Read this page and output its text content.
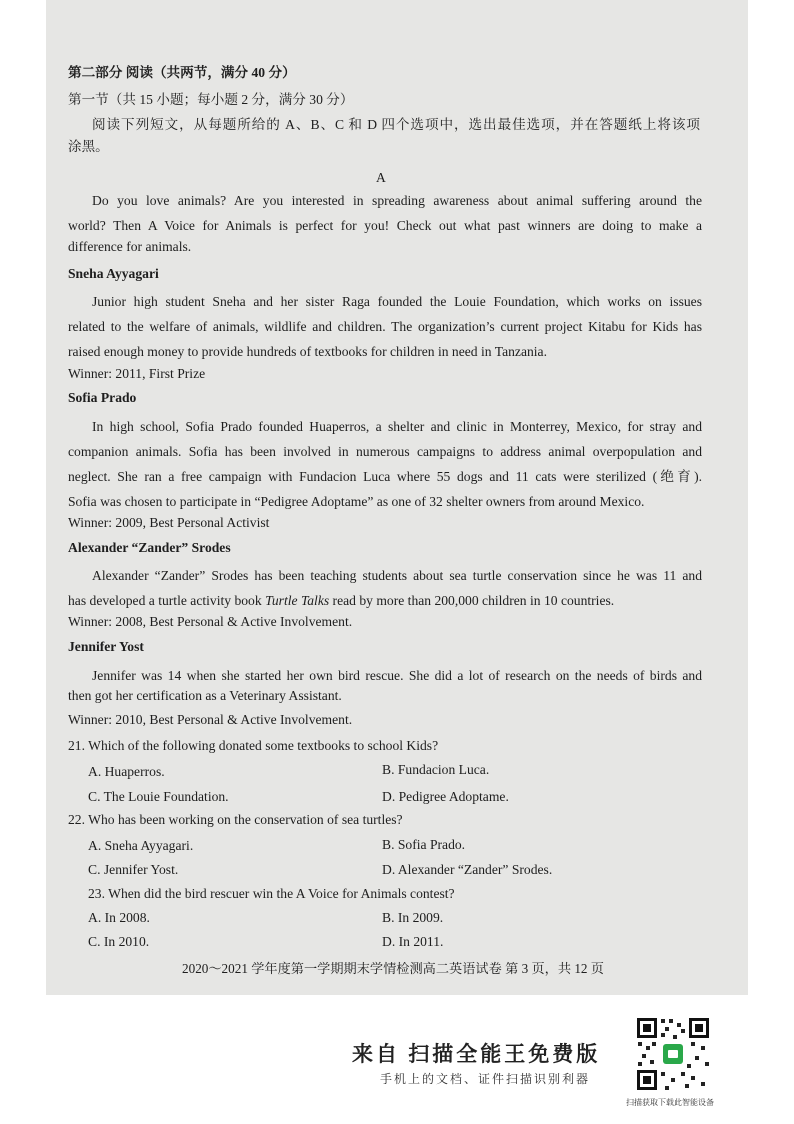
第二部分 阅读（共两节，满分 40 分）
第一节（共 15 小题；每小题 2 分，满分 30 分）
阅读下列短文，从每题所给的 A、B、C 和 D 四个选项中，选出最佳选项，并在答题纸上将该项
涂黑。
A
Do you love animals? Are you interested in spreading awareness about animal suffering around the
world? Then A Voice for Animals is perfect for you! Check out what past winners are doing to make a
difference for animals.
Sneha Ayyagari
Junior high student Sneha and her sister Raga founded the Louie Foundation, which works on issues
related to the welfare of animals, wildlife and children. The organization’s current project Kitabu for Kids has
raised enough money to provide hundreds of textbooks for children in need in Tanzania.
Winner: 2011, First Prize
Sofia Prado
In high school, Sofia Prado founded Huaperros, a shelter and clinic in Monterrey, Mexico, for stray and
companion animals. Sofia has been involved in numerous campaigns to address animal overpopulation and
neglect. She ran a free campaign with Fundacion Luca where 55 dogs and 11 cats were sterilized (绝育).
Sofia was chosen to participate in “Pedigree Adoptame” as one of 32 shelter owners from around Mexico.
Winner: 2009, Best Personal Activist
Alexander “Zander” Srodes
Alexander “Zander” Srodes has been teaching students about sea turtle conservation since he was 11 and
has developed a turtle activity book Turtle Talks read by more than 200,000 children in 10 countries.
Winner: 2008, Best Personal & Active Involvement.
Jennifer Yost
Jennifer was 14 when she started her own bird rescue. She did a lot of research on the needs of birds and
then got her certification as a Veterinary Assistant.
Winner: 2010, Best Personal & Active Involvement.
21. Which of the following donated some textbooks to school Kids?
A. Huaperros.	B. Fundacion Luca.
C. The Louie Foundation.	D. Pedigree Adoptame.
22. Who has been working on the conservation of sea turtles?
A. Sneha Ayyagari.	B. Sofia Prado.
C. Jennifer Yost.	D. Alexander “Zander” Srodes.
23. When did the bird rescuer win the A Voice for Animals contest?
A. In 2008.	B. In 2009.
C. In 2010.	D. In 2011.
2020～2021 学年度第一学期期末学情检测高二英语试卷 第 3 页，共 12 页
来自 扫描全能王免费版
手机上的文档、证件扫描识别利器
扫描获取下载此智能设备
